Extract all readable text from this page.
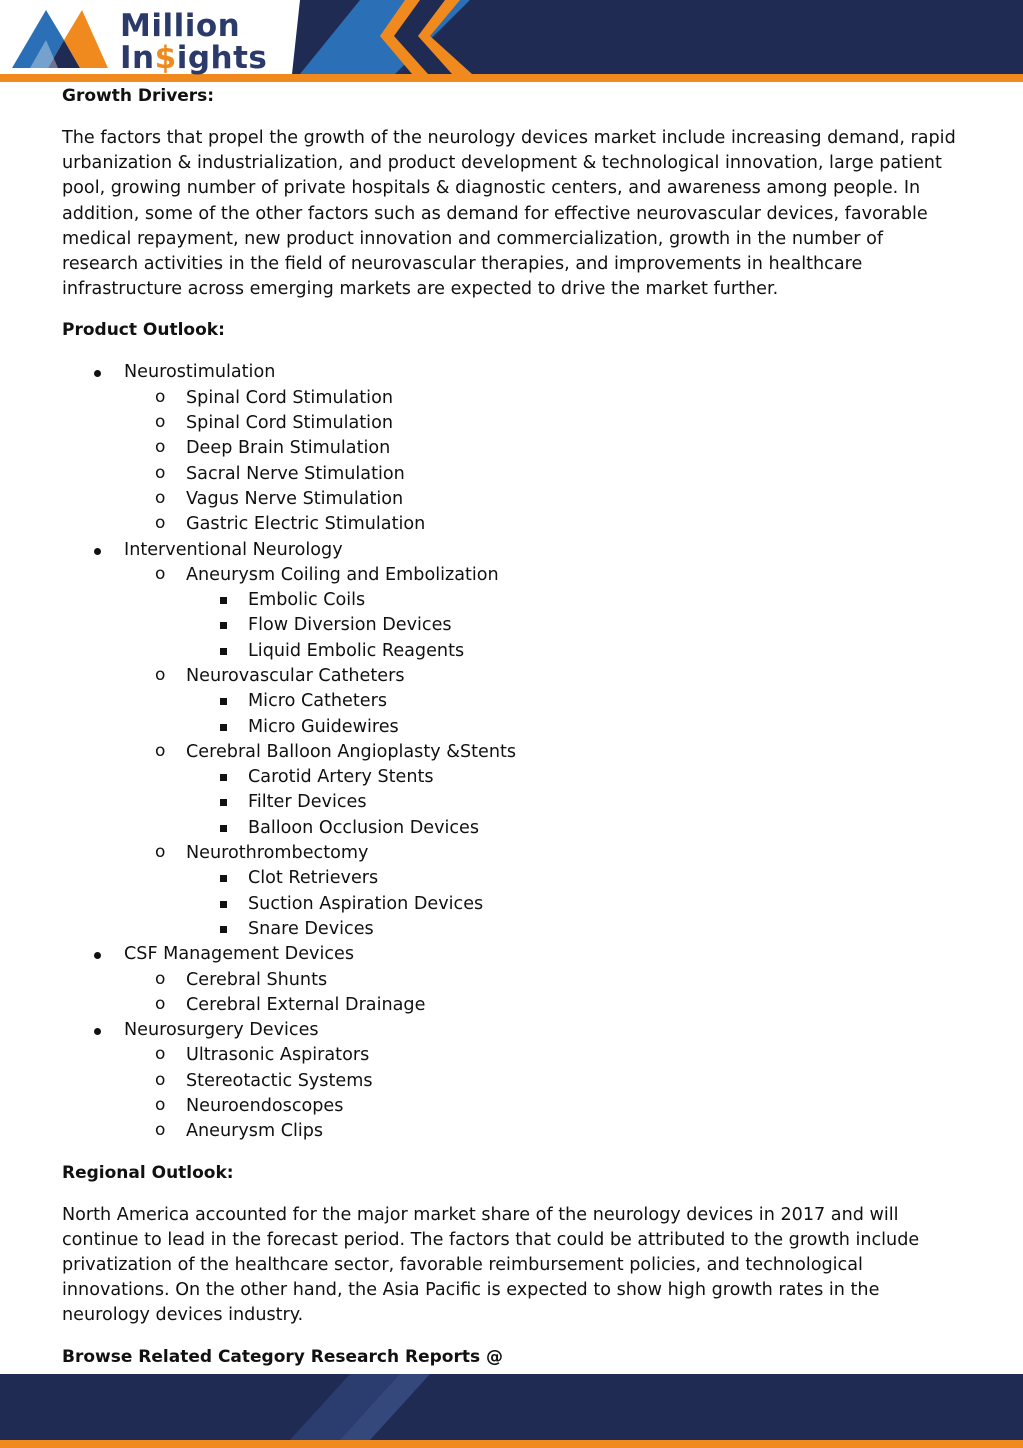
Million
In$ights

Growth Drivers:

The factors that propel the growth of the neurology devices market include increasing demand, rapid urbanization & industrialization, and product development & technological innovation, large patient pool, growing number of private hospitals & diagnostic centers, and awareness among people. In addition, some of the other factors such as demand for effective neurovascular devices, favorable medical repayment, new product innovation and commercialization, growth in the number of research activities in the field of neurovascular therapies, and improvements in healthcare infrastructure across emerging markets are expected to drive the market further.

Product Outlook:

Neurostimulation
o Spinal Cord Stimulation
o Spinal Cord Stimulation
o Deep Brain Stimulation
o Sacral Nerve Stimulation
o Vagus Nerve Stimulation
o Gastric Electric Stimulation
Interventional Neurology
o Aneurysm Coiling and Embolization
Embolic Coils
Flow Diversion Devices
Liquid Embolic Reagents
o Neurovascular Catheters
Micro Catheters
Micro Guidewires
o Cerebral Balloon Angioplasty &Stents
Carotid Artery Stents
Filter Devices
Balloon Occlusion Devices
o Neurothrombectomy
Clot Retrievers
Suction Aspiration Devices
Snare Devices
CSF Management Devices
o Cerebral Shunts
o Cerebral External Drainage
Neurosurgery Devices
o Ultrasonic Aspirators
o Stereotactic Systems
o Neuroendoscopes
o Aneurysm Clips

Regional Outlook:

North America accounted for the major market share of the neurology devices in 2017 and will continue to lead in the forecast period. The factors that could be attributed to the growth include privatization of the healthcare sector, favorable reimbursement policies, and technological innovations. On the other hand, the Asia Pacific is expected to show high growth rates in the neurology devices industry.

Browse Related Category Research Reports @
